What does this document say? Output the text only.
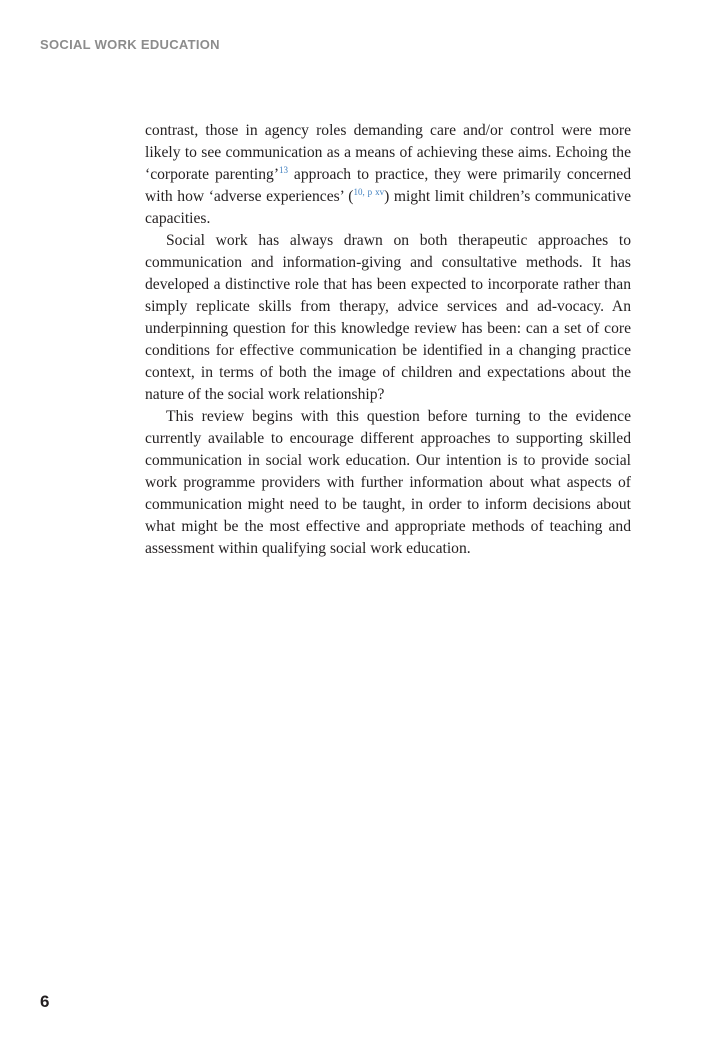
SOCIAL WORK EDUCATION

contrast, those in agency roles demanding care and/or control were more likely to see communication as a means of achieving these aims. Echoing the ‘corporate parenting’$^{13}$ approach to practice, they were primarily concerned with how ‘adverse experiences’ ($^{10, p xv}$) might limit children’s communicative capacities.

Social work has always drawn on both therapeutic approaches to communication and information-giving and consultative methods. It has developed a distinctive role that has been expected to incorporate rather than simply replicate skills from therapy, advice services and ad-vocacy. An underpinning question for this knowledge review has been: can a set of core conditions for effective communication be identified in a changing practice context, in terms of both the image of children and expectations about the nature of the social work relationship?

This review begins with this question before turning to the evidence currently available to encourage different approaches to supporting skilled communication in social work education. Our intention is to provide social work programme providers with further information about what aspects of communication might need to be taught, in order to inform decisions about what might be the most effective and appropriate methods of teaching and assessment within qualifying social work education.

6
